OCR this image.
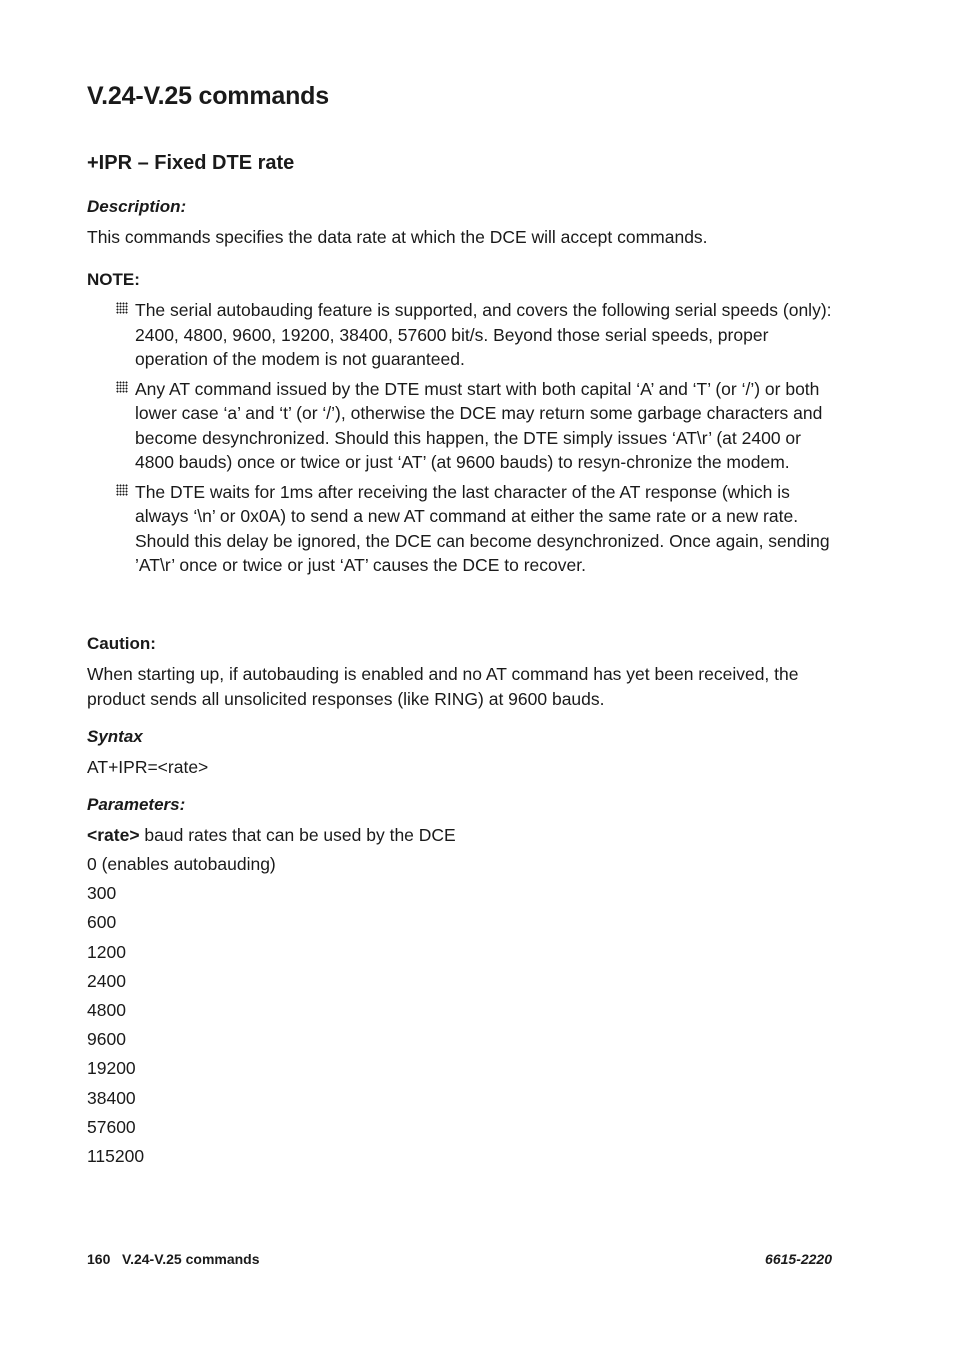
V.24-V.25 commands
+IPR – Fixed DTE rate
Description:
This commands specifies the data rate at which the DCE will accept commands.
NOTE:
The serial autobauding feature is supported, and covers the following serial speeds (only): 2400, 4800, 9600, 19200, 38400, 57600 bit/s. Beyond those serial speeds, proper operation of the modem is not guaranteed.
Any AT command issued by the DTE must start with both capital ‘A’ and ‘T’ (or ‘/’) or both lower case ‘a’ and ‘t’ (or ‘/’), otherwise the DCE may return some garbage characters and become desynchronized. Should this happen, the DTE simply issues ‘AT\r’ (at 2400 or 4800 bauds) once or twice or just ‘AT’ (at 9600 bauds) to resyn-chronize the modem.
The DTE waits for 1ms after receiving the last character of the AT response (which is always ‘\n’ or 0x0A) to send a new AT command at either the same rate or a new rate. Should this delay be ignored, the DCE can become desynchronized. Once again, sending ’AT\r’ once or twice or just ‘AT’ causes the DCE to recover.
Caution:
When starting up, if autobauding is enabled and no AT command has yet been received, the product sends all unsolicited responses (like RING) at 9600 bauds.
Syntax
AT+IPR=<rate>
Parameters:
<rate> baud rates that can be used by the DCE
0 (enables autobauding)
300
600
1200
2400
4800
9600
19200
38400
57600
115200
160 V.24-V.25 commands	6615-2220
